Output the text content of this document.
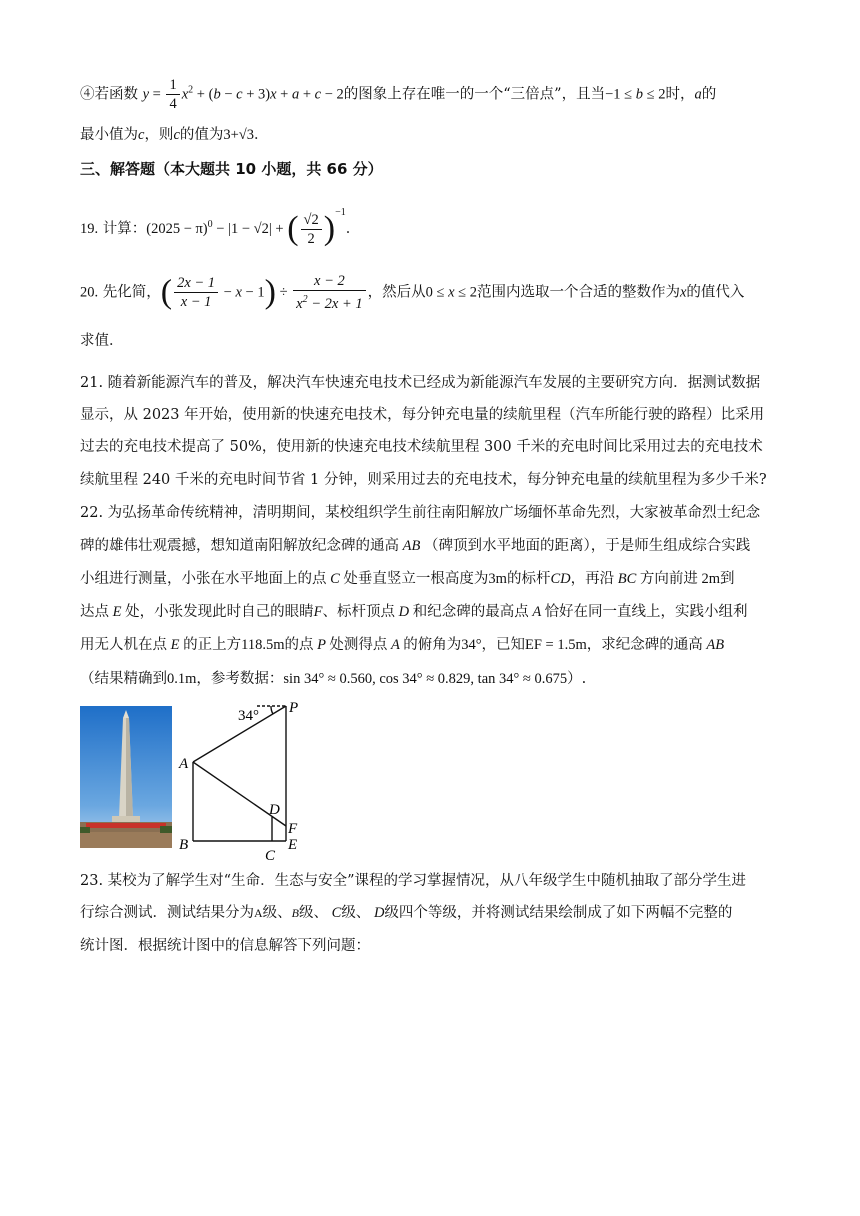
④若函数 $y = \frac{1}{4} x^2 + (b - c + 3)x + a + c - 2$的图象上存在唯一的一个“三倍点”，且当−1 ≤ b ≤ 2时，a的
最小值为c，则c的值为3+√3．
三、解答题（本大题共 10 小题，共 66 分）
19. 计算：$(2025 - \pi)^0 - |1 - √2|$ + ( $\frac{√2}{2} )^{-1}$．
20. 先化简，( $\frac{2x - 1}{x - 1} - x - 1) \div \frac{x - 2}{x^2 - 2x + 1}$ ，然后从0 ≤ x ≤ 2范围内选取一个合适的整数作为x的值代入
求值．
21. 随着新能源汽车的普及，解决汽车快速充电技术已经成为新能源汽车发展的主要研究方向．据测试数据
显示，从 2023 年开始，使用新的快速充电技术，每分钟充电量的续航里程（汽车所能行驶的路程）比采用
过去的充电技术提高了 50%，使用新的快速充电技术续航里程 300 千米的充电时间比采用过去的充电技术
续航里程 240 千米的充电时间节省 1 分钟，则采用过去的充电技术，每分钟充电量的续航里程为多少千米?
22. 为弘扬革命传统精神，清明期间，某校组织学生前往南阳解放广场缅怀革命先烈，大家被革命烈士纪念
碑的雄伟壮观震撼，想知道南阳解放纪念碑的通高 AB （碑顶到水平地面的距离），于是师生组成综合实践
小组进行测量，小张在水平地面上的点 C 处垂直竖立一根高度为3m的标杆CD，再沿 BC 方向前进 2m到
达点 E 处，小张发现此时自己的眼睛F、标杆顶点 D 和纪念碑的最高点 A 恰好在同一直线上，实践小组利
用无人机在点 E 的正上方118.5m的点 P 处测得点 A 的俯角为34°，已知EF = 1.5m，求纪念碑的通高 AB
（结果精确到0.1m，参考数据：sin 34° ≈ 0.560, cos 34° ≈ 0.829, tan 34° ≈ 0.675）.
34° P
A
B
C
D
E
F
23. 某校为了解学生对“生命．生态与安全”课程的学习掌握情况，从八年级学生中随机抽取了部分学生进
行综合测试．测试结果分为A级、B级、 C级、 D级四个等级，并将测试结果绘制成了如下两幅不完整的
统计图．根据统计图中的信息解答下列问题：
